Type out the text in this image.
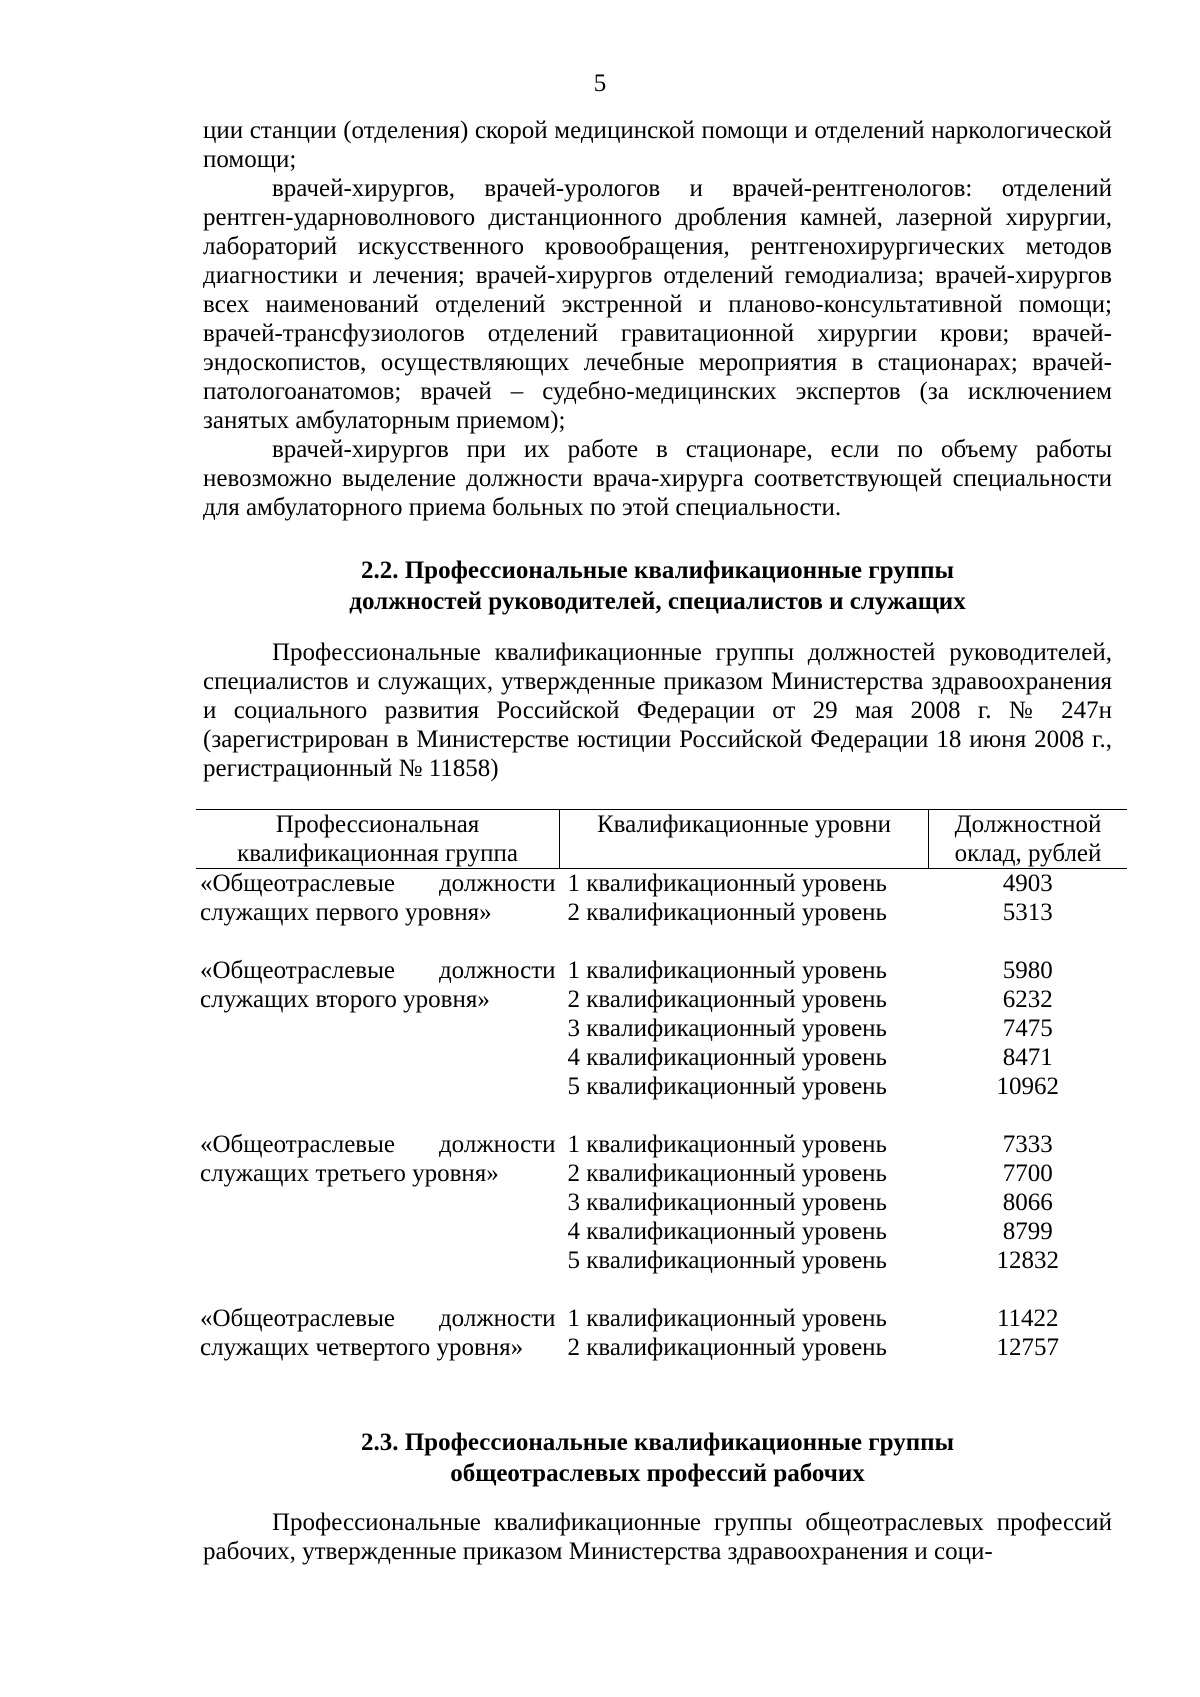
5

ции станции (отделения) скорой медицинской помощи и отделений наркологической помощи;

врачей-хирургов, врачей-урологов и врачей-рентгенологов: отделений рентген-ударноволнового дистанционного дробления камней, лазерной хирургии, лабораторий искусственного кровообращения, рентгенохирургических методов диагностики и лечения; врачей-хирургов отделений гемодиализа; врачей-хирургов всех наименований отделений экстренной и планово-консультативной помощи; врачей-трансфузиологов отделений гравитационной хирургии крови; врачей-эндоскопистов, осуществляющих лечебные мероприятия в стационарах; врачей-патологоанатомов; врачей – судебно-медицинских экспертов (за исключением занятых амбулаторным приемом);

врачей-хирургов при их работе в стационаре, если по объему работы невозможно выделение должности врача-хирурга соответствующей специальности для амбулаторного приема больных по этой специальности.

2.2. Профессиональные квалификационные группы
должностей руководителей, специалистов и служащих

Профессиональные квалификационные группы должностей руководителей, специалистов и служащих, утвержденные приказом Министерства здравоохранения и социального развития Российской Федерации от 29 мая 2008 г. № 247н (зарегистрирован в Министерстве юстиции Российской Федерации 18 июня 2008 г., регистрационный № 11858)

Профессиональная квалификационная группа	Квалификационные уровни	Должностной оклад, рублей
«Общеотраслевые должности служащих первого уровня»	1 квалификационный уровень	4903
	2 квалификационный уровень	5313

«Общеотраслевые должности служащих второго уровня»	1 квалификационный уровень	5980
	2 квалификационный уровень	6232
	3 квалификационный уровень	7475
	4 квалификационный уровень	8471
	5 квалификационный уровень	10962

«Общеотраслевые должности служащих третьего уровня»	1 квалификационный уровень	7333
	2 квалификационный уровень	7700
	3 квалификационный уровень	8066
	4 квалификационный уровень	8799
	5 квалификационный уровень	12832

«Общеотраслевые должности служащих четвертого уровня»	1 квалификационный уровень	11422
	2 квалификационный уровень	12757
2.3. Профессиональные квалификационные группы
общеотраслевых профессий рабочих

Профессиональные квалификационные группы общеотраслевых профессий рабочих, утвержденные приказом Министерства здравоохранения и соци-
